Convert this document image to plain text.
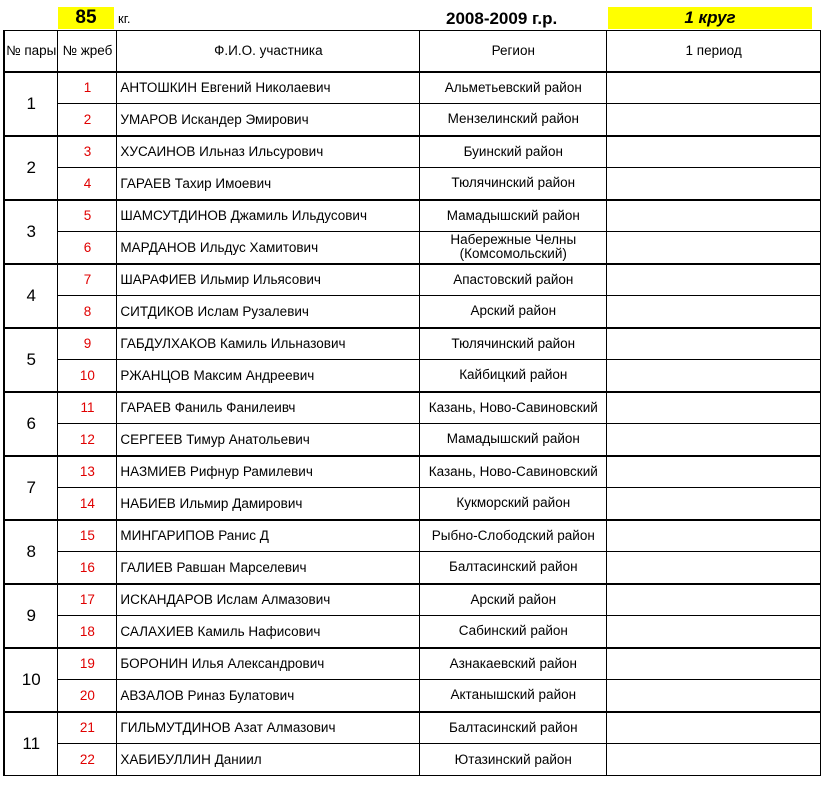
85	кг.	2008-2009 г.р.	1 круг
№ пары	№ жреб	Ф.И.О. участника	Регион	1 период
1	1	АНТОШКИН Евгений Николаевич	Альметьевский район	
	2	УМАРОВ Искандер Эмирович	Мензелинский район	
2	3	ХУСАИНОВ Ильназ Ильсурович	Буинский район	
	4	ГАРАЕВ Тахир Имоевич	Тюлячинский район	
3	5	ШАМСУТДИНОВ Джамиль Ильдусович	Мамадышский район	
	6	МАРДАНОВ Ильдус Хамитович	Набережные Челны (Комсомольский)	
4	7	ШАРАФИЕВ Ильмир Ильясович	Апастовский район	
	8	СИТДИКОВ Ислам Рузалевич	Арский район	
5	9	ГАБДУЛХАКОВ Камиль Ильназович	Тюлячинский район	
	10	РЖАНЦОВ Максим Андреевич	Кайбицкий район	
6	11	ГАРАЕВ Фаниль Фанилеивч	Казань, Ново-Савиновский	
	12	СЕРГЕЕВ Тимур Анатольевич	Мамадышский район	
7	13	НАЗМИЕВ Рифнур Рамилевич	Казань, Ново-Савиновский	
	14	НАБИЕВ Ильмир Дамирович	Кукморский район	
8	15	МИНГАРИПОВ Ранис Д	Рыбно-Слободский район	
	16	ГАЛИЕВ Равшан Марселевич	Балтасинский район	
9	17	ИСКАНДАРОВ Ислам Алмазович	Арский район	
	18	САЛАХИЕВ Камиль Нафисович	Сабинский район	
10	19	БОРОНИН Илья Александрович	Азнакаевский район	
	20	АВЗАЛОВ Риназ Булатович	Актанышский район	
11	21	ГИЛЬМУТДИНОВ Азат Алмазович	Балтасинский район	
	22	ХАБИБУЛЛИН Даниил	Ютазинский район	
